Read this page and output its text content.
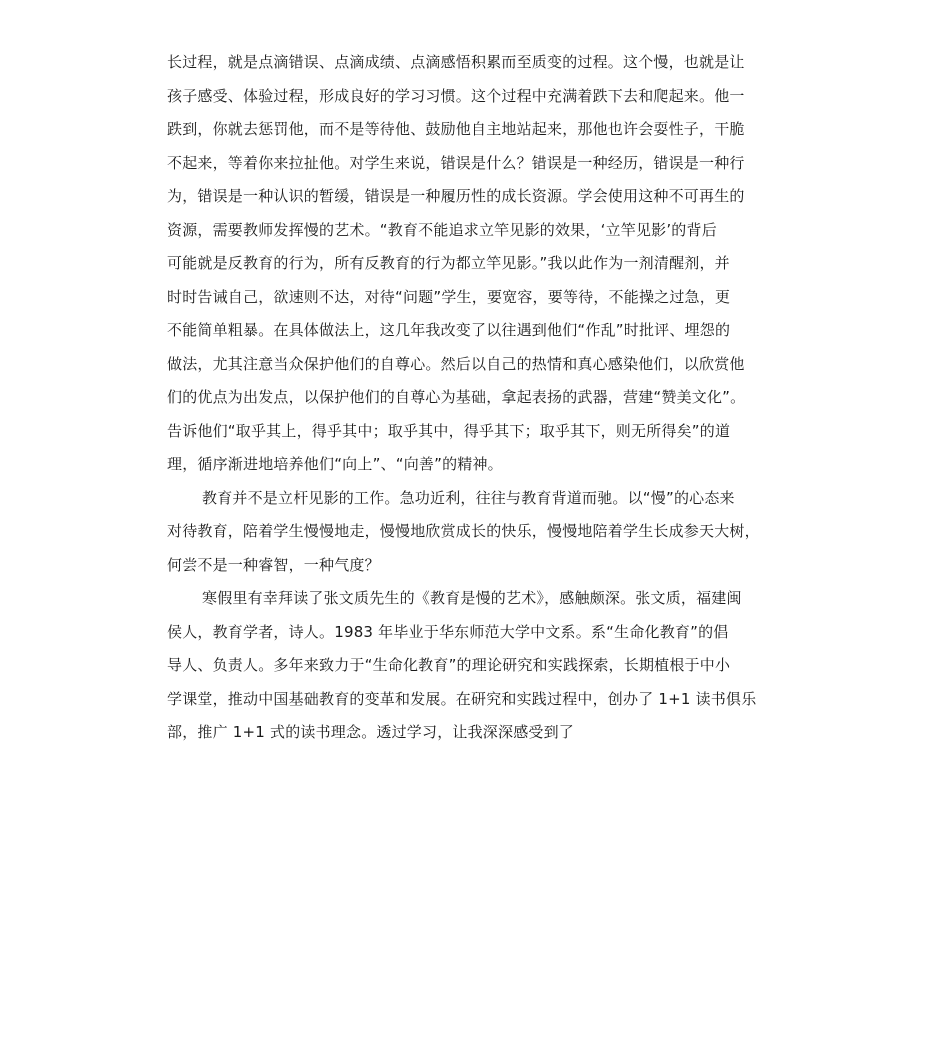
长过程，就是点滴错误、点滴成绩、点滴感悟积累而至质变的过程。这个慢，也就是让
孩子感受、体验过程，形成良好的学习习惯。这个过程中充满着跌下去和爬起来。他一
跌到，你就去惩罚他，而不是等待他、鼓励他自主地站起来，那他也许会耍性子，干脆
不起来，等着你来拉扯他。对学生来说，错误是什么？错误是一种经历，错误是一种行
为，错误是一种认识的暂缓，错误是一种履历性的成长资源。学会使用这种不可再生的
资源，需要教师发挥慢的艺术。“教育不能追求立竿见影的效果，‘立竿见影’的背后
可能就是反教育的行为，所有反教育的行为都立竿见影。”我以此作为一剂清醒剂，并
时时告诫自己，欲速则不达，对待“问题”学生，要宽容，要等待，不能操之过急，更
不能简单粗暴。在具体做法上，这几年我改变了以往遇到他们“作乱”时批评、埋怨的
做法，尤其注意当众保护他们的自尊心。然后以自己的热情和真心感染他们，以欣赏他
们的优点为出发点，以保护他们的自尊心为基础，拿起表扬的武器，营建“赞美文化”。
告诉他们“取乎其上，得乎其中；取乎其中，得乎其下；取乎其下，则无所得矣”的道
理，循序渐进地培养他们“向上”、“向善”的精神。
教育并不是立杆见影的工作。急功近利，往往与教育背道而驰。以“慢”的心态来
对待教育，陪着学生慢慢地走，慢慢地欣赏成长的快乐，慢慢地陪着学生长成参天大树，
何尝不是一种睿智，一种气度？
寒假里有幸拜读了张文质先生的《教育是慢的艺术》，感触颇深。张文质，福建闽
侯人，教育学者，诗人。1983 年毕业于华东师范大学中文系。系“生命化教育”的倡
导人、负责人。多年来致力于“生命化教育”的理论研究和实践探索，长期植根于中小
学课堂，推动中国基础教育的变革和发展。在研究和实践过程中，创办了 1+1 读书俱乐
部，推广 1+1 式的读书理念。透过学习，让我深深感受到了
